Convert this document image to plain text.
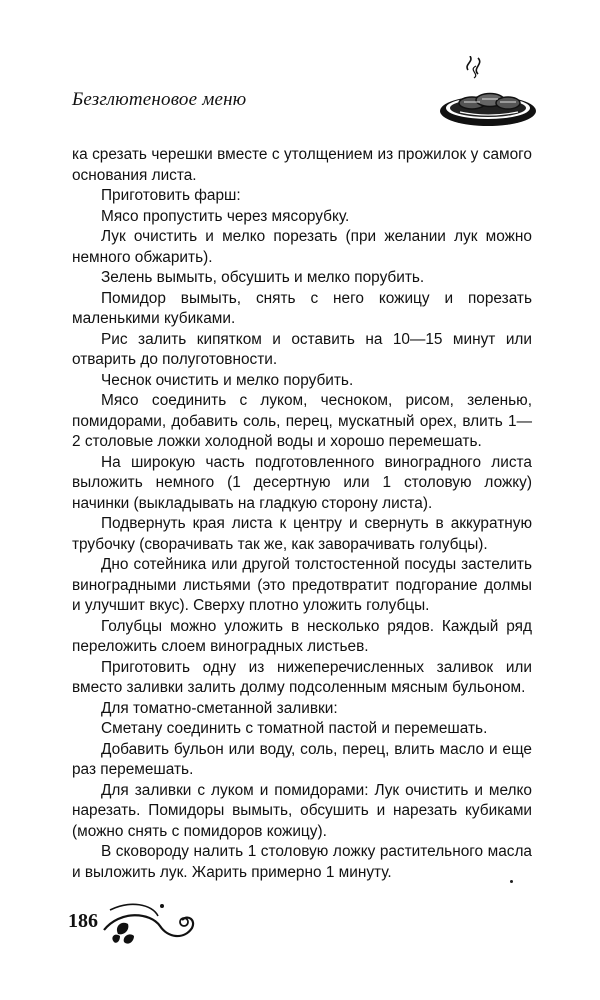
Безглютеновое меню

ка срезать черешки вместе с утолщением из прожилок у самого основания листа.

Приготовить фарш:

Мясо пропустить через мясорубку.

Лук очистить и мелко порезать (при желании лук можно немного обжарить).

Зелень вымыть, обсушить и мелко порубить.

Помидор вымыть, снять с него кожицу и порезать маленькими кубиками.

Рис залить кипятком и оставить на 10—15 минут или отварить до полуготовности.

Чеснок очистить и мелко порубить.

Мясо соединить с луком, чесноком, рисом, зеленью, помидорами, добавить соль, перец, мускатный орех, влить 1—2 столовые ложки холодной воды и хорошо перемешать.

На широкую часть подготовленного виноградного листа выложить немного (1 десертную или 1 столовую ложку) начинки (выкладывать на гладкую сторону листа).

Подвернуть края листа к центру и свернуть в аккуратную трубочку (сворачивать так же, как заворачивать голубцы).

Дно сотейника или другой толстостенной посуды застелить виноградными листьями (это предотвратит подгорание долмы и улучшит вкус). Сверху плотно уложить голубцы.

Голубцы можно уложить в несколько рядов. Каждый ряд переложить слоем виноградных листьев.

Приготовить одну из нижеперечисленных заливок или вместо заливки залить долму подсоленным мясным бульоном.

Для томатно-сметанной заливки:

Сметану соединить с томатной пастой и перемешать.

Добавить бульон или воду, соль, перец, влить масло и еще раз перемешать.

Для заливки с луком и помидорами: Лук очистить и мелко нарезать. Помидоры вымыть, обсушить и нарезать кубиками (можно снять с помидоров кожицу).

В сковороду налить 1 столовую ложку растительного масла и выложить лук. Жарить примерно 1 минуту.

186
